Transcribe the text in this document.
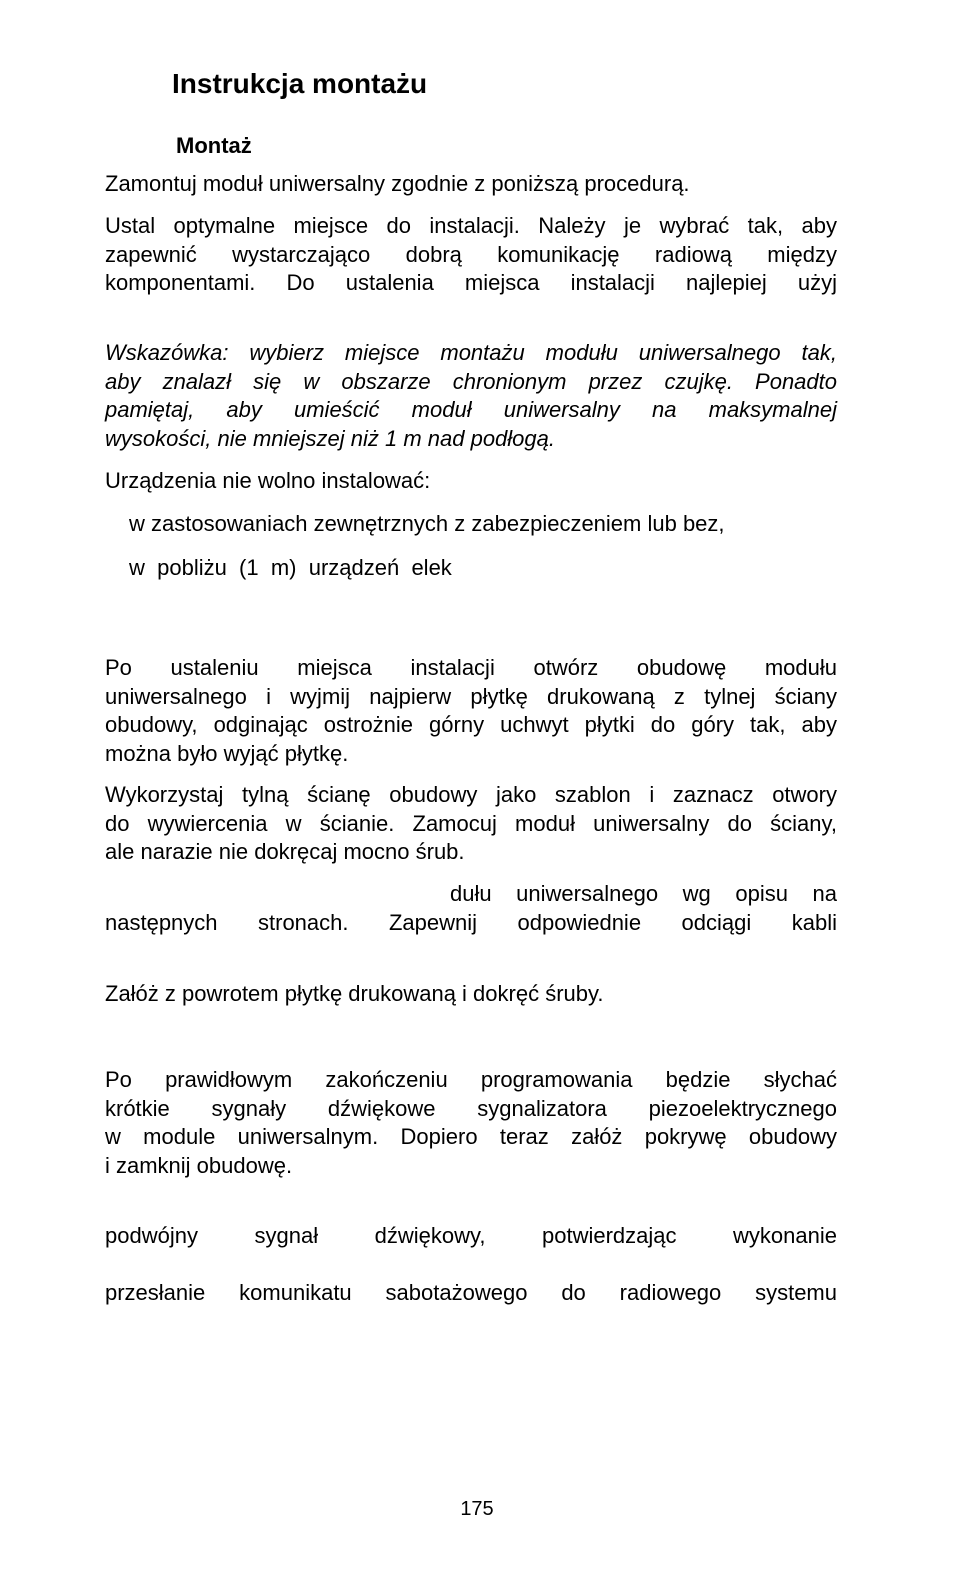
Instrukcja montażu
Montaż

Zamontuj moduł uniwersalny zgodnie z poniższą procedurą.

Ustal optymalne miejsce do instalacji. Należy je wybrać tak, aby
zapewnić wystarczająco dobrą komunikację radiową między
komponentami. Do ustalenia miejsca instalacji najlepiej użyj
Wskazówka: wybierz miejsce montażu modułu uniwersalnego tak,
aby znalazł się w obszarze chronionym przez czujkę. Ponadto
pamiętaj, aby umieścić moduł uniwersalny na maksymalnej
wysokości, nie mniejszej niż 1 m nad podłogą.

Urządzenia nie wolno instalować:

w zastosowaniach zewnętrznych z zabezpieczeniem lub bez,

w  pobliżu  (1  m)  urządzeń  elek

Po ustaleniu miejsca instalacji otwórz obudowę modułu
uniwersalnego i wyjmij najpierw płytkę drukowaną z tylnej ściany
obudowy, odginając ostrożnie górny uchwyt płytki do góry tak, aby
można było wyjąć płytkę.
Wykorzystaj tylną ścianę obudowy jako szablon i zaznacz otwory
do wywiercenia w ścianie. Zamocuj moduł uniwersalny do ściany,
ale narazie nie dokręcaj mocno śrub.
dułu uniwersalnego wg opisu na
następnych stronach. Zapewnij odpowiednie odciągi kabli

Załóż z powrotem płytkę drukowaną i dokręć śruby.

Po prawidłowym zakończeniu programowania będzie słychać
krótkie sygnały dźwiękowe sygnalizatora piezoelektrycznego
w module uniwersalnym. Dopiero teraz załóż pokrywę obudowy
i zamknij obudowę.
podwójny sygnał dźwiękowy, potwierdzając wykonanie
przesłanie komunikatu sabotażowego do radiowego systemu

175
